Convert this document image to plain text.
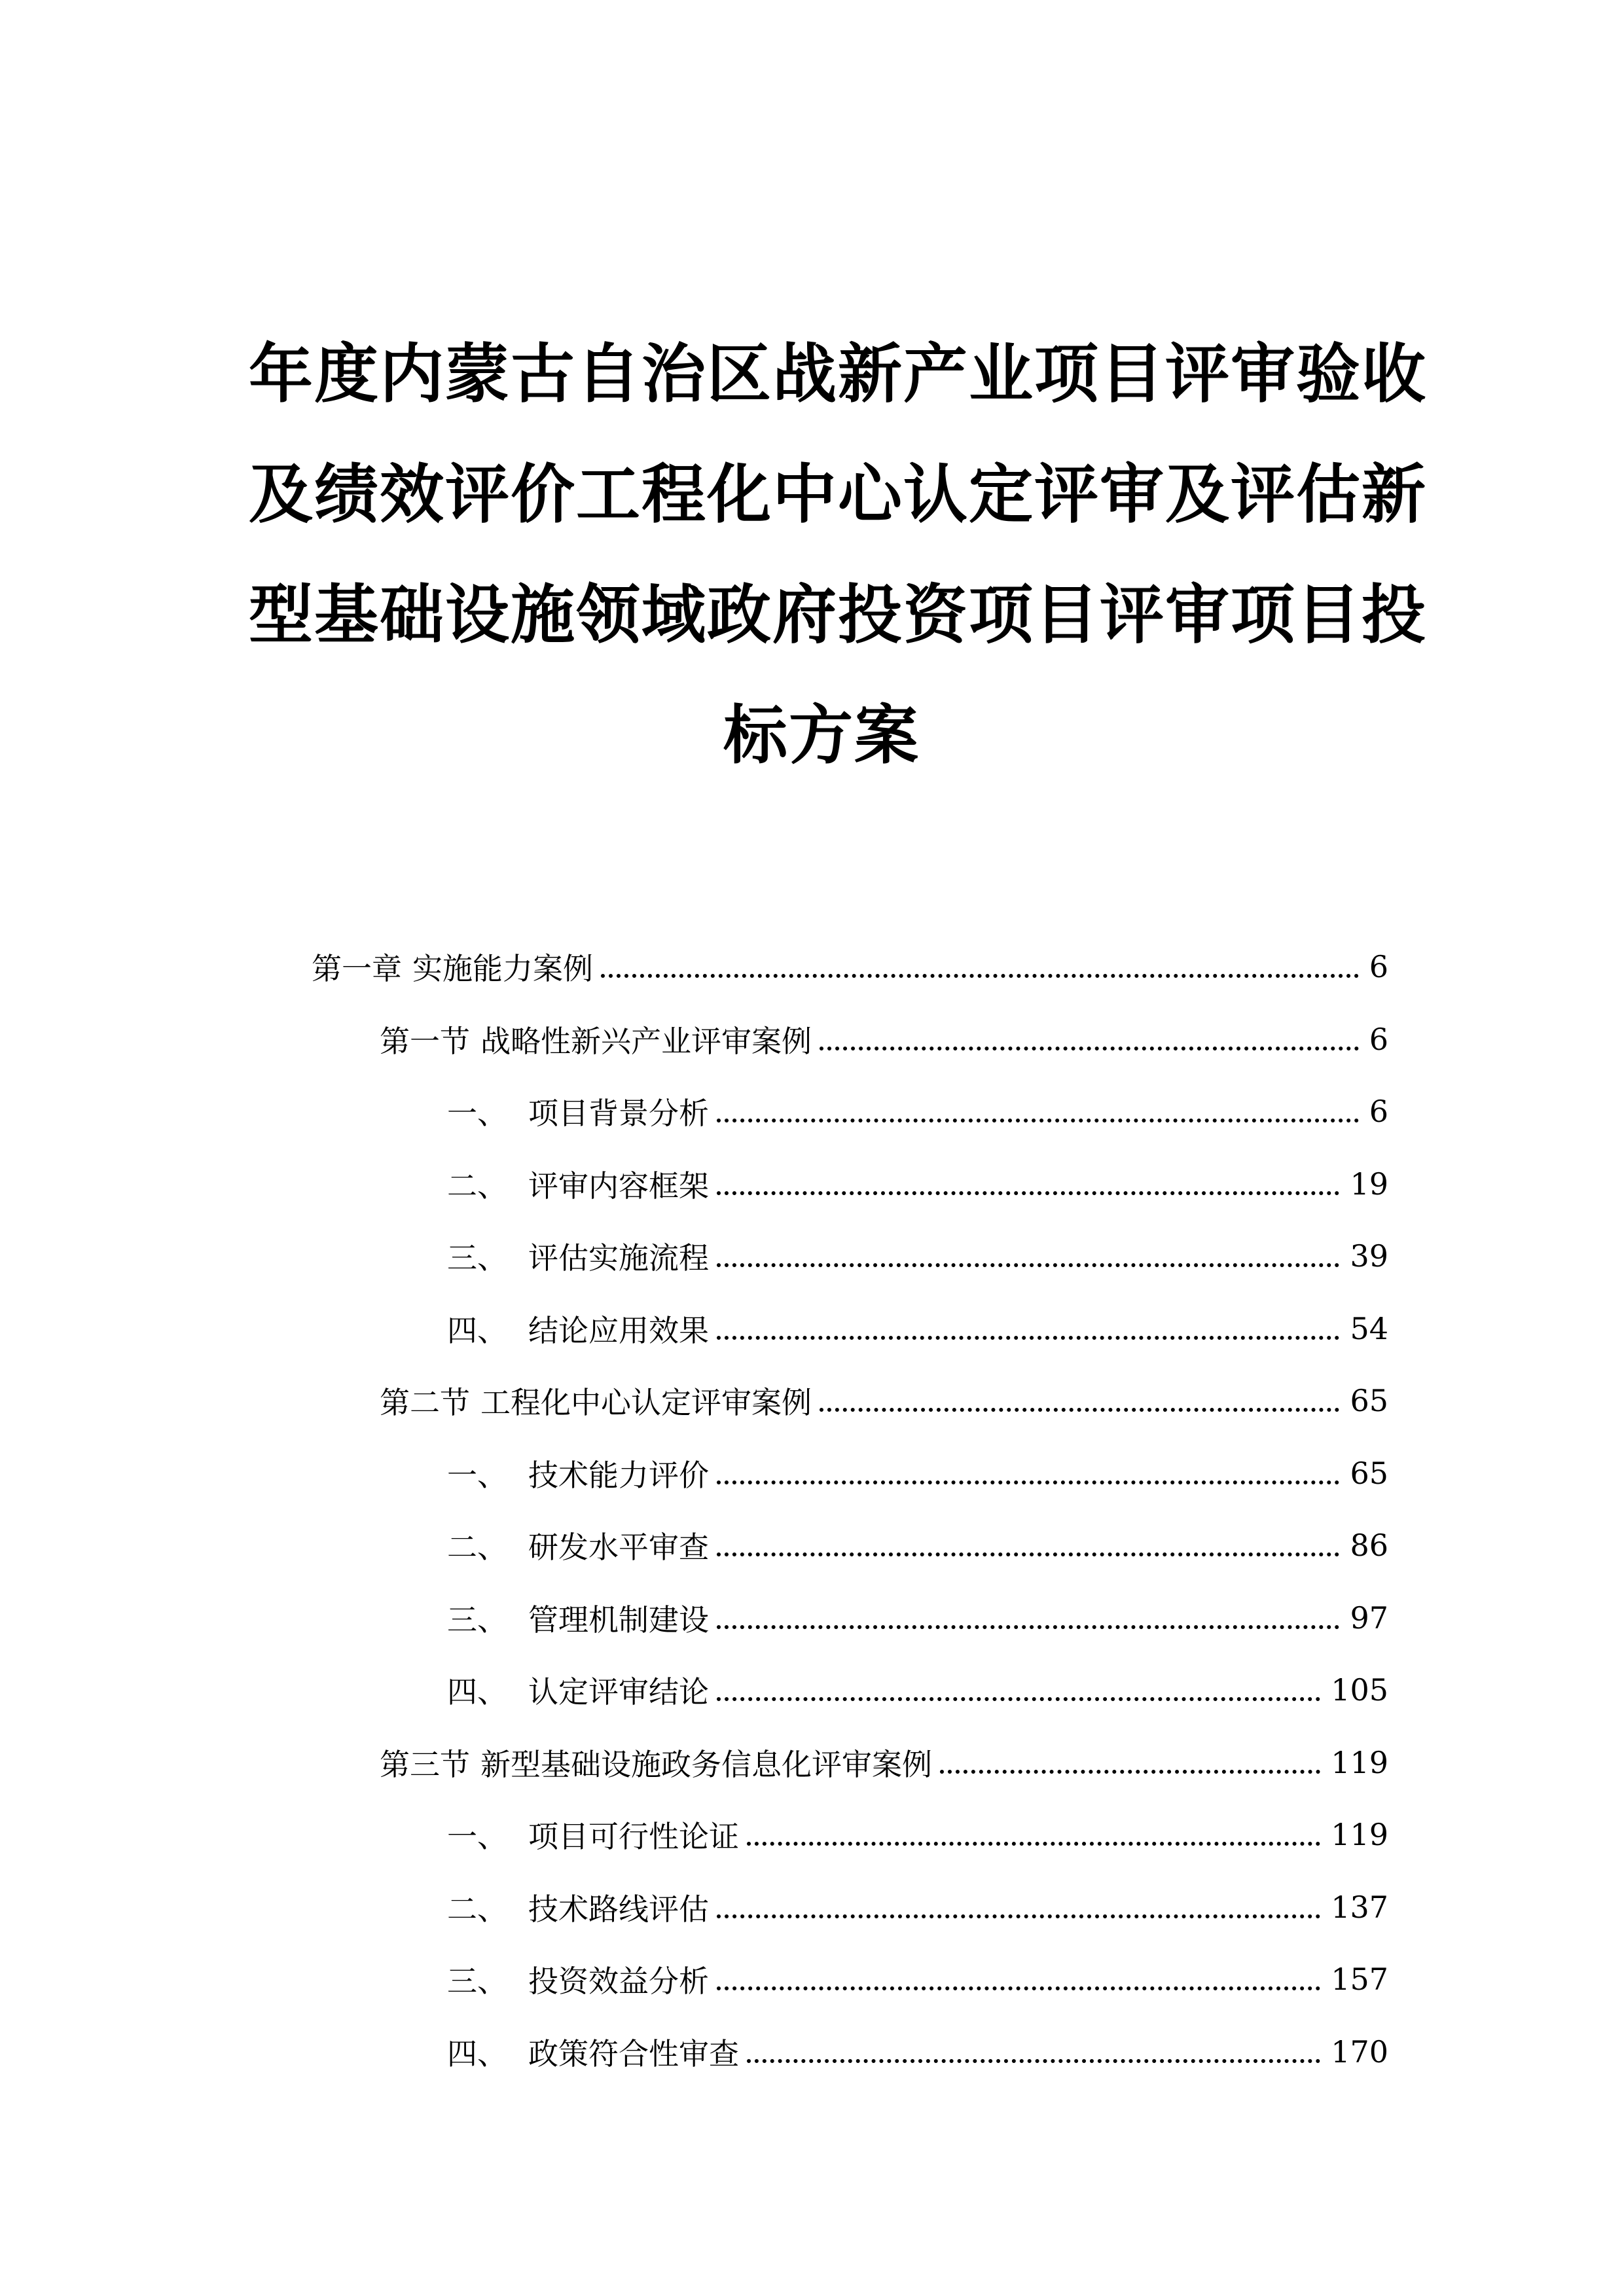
年度内蒙古自治区战新产业项目评审验收
及绩效评价工程化中心认定评审及评估新
型基础设施领域政府投资项目评审项目投
标方案
第一章 实施能力案例	6
第一节 战略性新兴产业评审案例	6
一、 项目背景分析	6
二、 评审内容框架	19
三、 评估实施流程	39
四、 结论应用效果	54
第二节 工程化中心认定评审案例	65
一、 技术能力评价	65
二、 研发水平审查	86
三、 管理机制建设	97
四、 认定评审结论	105
第三节 新型基础设施政务信息化评审案例	119
一、 项目可行性论证	119
二、 技术路线评估	137
三、 投资效益分析	157
四、 政策符合性审查	170
